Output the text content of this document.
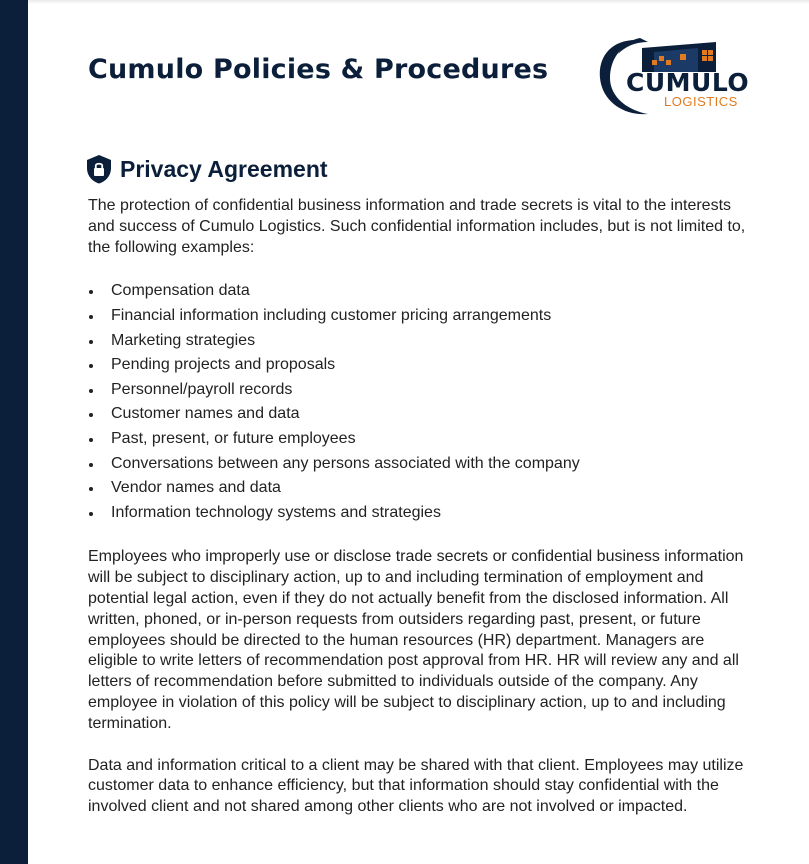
Cumulo Policies & Procedures	CUMULO
LOGISTICS
Privacy Agreement

The protection of confidential business information and trade secrets is vital to the interests and success of Cumulo Logistics. Such confidential information includes, but is not limited to, the following examples:

Compensation data
Financial information including customer pricing arrangements
Marketing strategies
Pending projects and proposals
Personnel/payroll records
Customer names and data
Past, present, or future employees
Conversations between any persons associated with the company
Vendor names and data
Information technology systems and strategies

Employees who improperly use or disclose trade secrets or confidential business information will be subject to disciplinary action, up to and including termination of employment and potential legal action, even if they do not actually benefit from the disclosed information. All written, phoned, or in-person requests from outsiders regarding past, present, or future employees should be directed to the human resources (HR) department. Managers are eligible to write letters of recommendation post approval from HR. HR will review any and all letters of recommendation before submitted to individuals outside of the company. Any employee in violation of this policy will be subject to disciplinary action, up to and including termination.

Data and information critical to a client may be shared with that client. Employees may utilize customer data to enhance efficiency, but that information should stay confidential with the involved client and not shared among other clients who are not involved or impacted.
